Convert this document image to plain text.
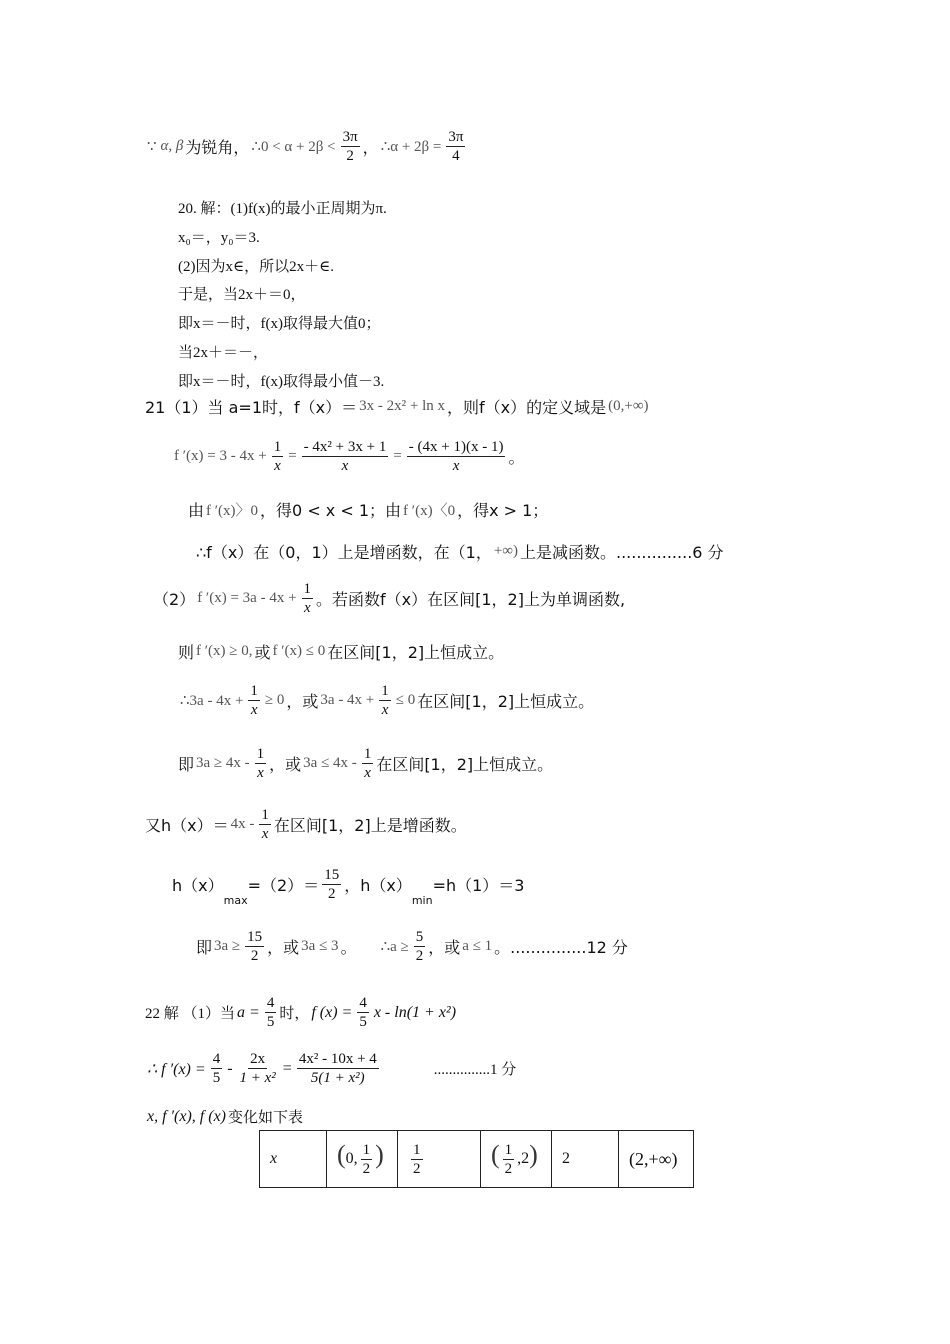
∵ α, β 为锐角， ∴0 < $\alpha + 2\beta < \frac{3\pi}{2}$ ， ∴α + $2\beta = \frac{3\pi}{4}$
20. 解：(1)f(x)的最小正周期为π.
x₀＝，y₀＝3.
(2)因为x∈，所以2x＋∈.
于是，当2x＋＝0，
即x＝－时，f(x)取得最大值0；
当2x＋＝－，
即x＝－时，f(x)取得最小值－3.
21（1）当 a=1时，f（x）＝ 3x - 2x² + ln x ，则f（x）的定义域是 (0,+∞)
f $'(x) = 3 - 4x + \frac{1}{x} = \frac{\text{- 4x² + 3x + 1}}{x} = \frac{- (4x + 1)(x - 1)}{x}$ 。
由 f ′(x)〉0 ，得0 < x < 1；由 f ′(x)〈0 ，得x > 1；
∴f（x）在（0，1）上是增函数，在（1， +∞) 上是减函数。...............6 分
（2） f $'(x) = 3a - 4x + \frac{1}{x}$ 。若函数f（x）在区间[1，2]上为单调函数,
则 f ′(x) ≥ 0, 或 f ′(x) ≤ 0 在区间[1，2]上恒成立。
∴3a - $4x + \frac{1}{x} \ge 0$ ，或 $3a - 4x + \frac{1}{x} \le 0$ 在区间[1，2]上恒成立。
即 $3a \ge 4x - \frac{1}{x}$ ，或 $3a \le 4x - \frac{1}{x}$ 在区间[1，2]上恒成立。
又$h(x)= 4x - \frac{1}{x}$ 在区间[1，2]上是增函数。
h（x）
max
$=(2)= \frac{15}{2}$ ，h（x）
min
=h（1）＝3
即 $3a \ge \frac{15}{2}$ ，或 3a ≤ 3 。 ∴a ≥ $\frac{5}{2}$ ，或 a ≤ 1 。...............12 分
22 解 （1）当 $a = \frac{4}{5}$ 时， f $(x) = \frac{4}{5}$ x - ln(1 + x²)
∴ f $'(x) = \frac{4}{5} - \frac{2x}{\text{1 + x²}} = \frac{\text{4x² - 10x + 4}}{\text{5(1 + x²)}}$	...............1 分
x, f ′(x), f (x) 变化如下表
x	(0, $\frac{1}{2}$ )	$\frac{1}{2}$	( $\frac{1}{2} ,2$)	2	(2,+∞)
